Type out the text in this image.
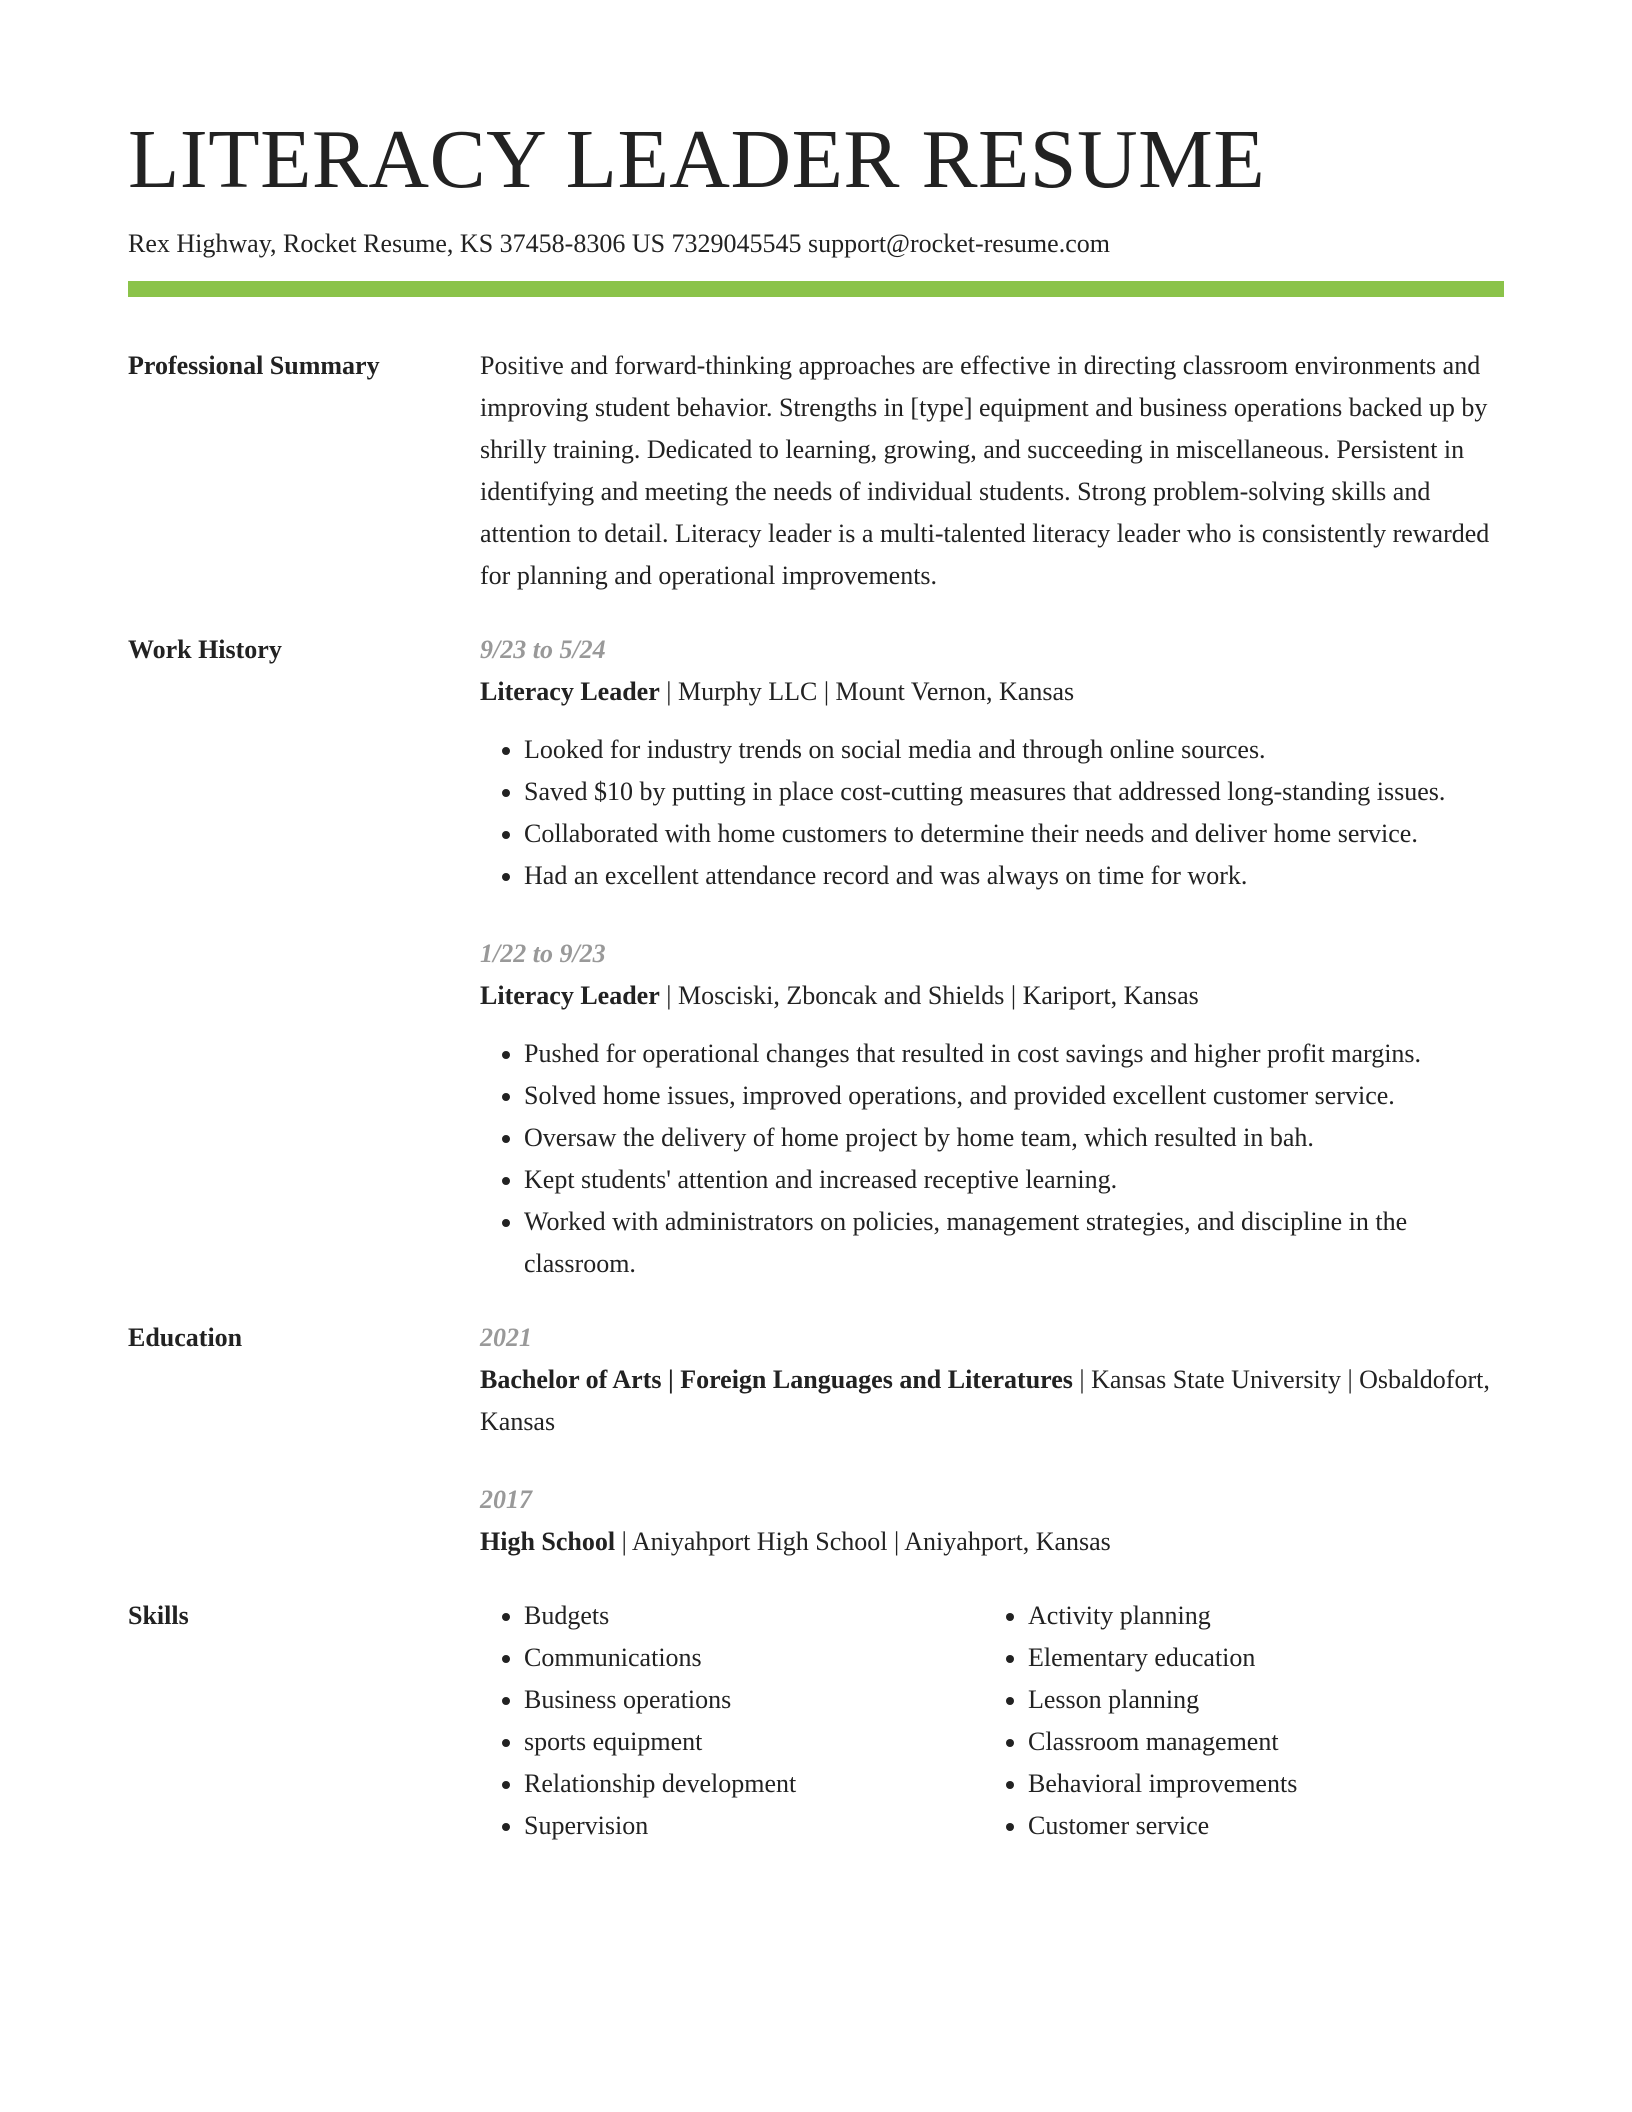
LITERACY LEADER RESUME
Rex Highway, Rocket Resume, KS 37458-8306 US 7329045545 support@rocket-resume.com
Professional Summary	Positive and forward-thinking approaches are effective in directing classroom environments and improving student behavior. Strengths in [type] equipment and business operations backed up by shrilly training. Dedicated to learning, growing, and succeeding in miscellaneous. Persistent in identifying and meeting the needs of individual students. Strong problem-solving skills and attention to detail. Literacy leader is a multi-talented literacy leader who is consistently rewarded for planning and operational improvements.
Work History	9/23 to 5/24
Literacy Leader | Murphy LLC | Mount Vernon, Kansas
• Looked for industry trends on social media and through online sources.
• Saved $10 by putting in place cost-cutting measures that addressed long-standing issues.
• Collaborated with home customers to determine their needs and deliver home service.
• Had an excellent attendance record and was always on time for work.
1/22 to 9/23
Literacy Leader | Mosciski, Zboncak and Shields | Kariport, Kansas
• Pushed for operational changes that resulted in cost savings and higher profit margins.
• Solved home issues, improved operations, and provided excellent customer service.
• Oversaw the delivery of home project by home team, which resulted in bah.
• Kept students' attention and increased receptive learning.
• Worked with administrators on policies, management strategies, and discipline in the classroom.
Education	2021
Bachelor of Arts | Foreign Languages and Literatures | Kansas State University | Osbaldofort, Kansas
2017
High School | Aniyahport High School | Aniyahport, Kansas
Skills
•	Budgets
• Communications
• Business operations
• sports equipment
• Relationship development
• Supervision
• Activity planning
• Elementary education
• Lesson planning
• Classroom management
• Behavioral improvements
• Customer service
